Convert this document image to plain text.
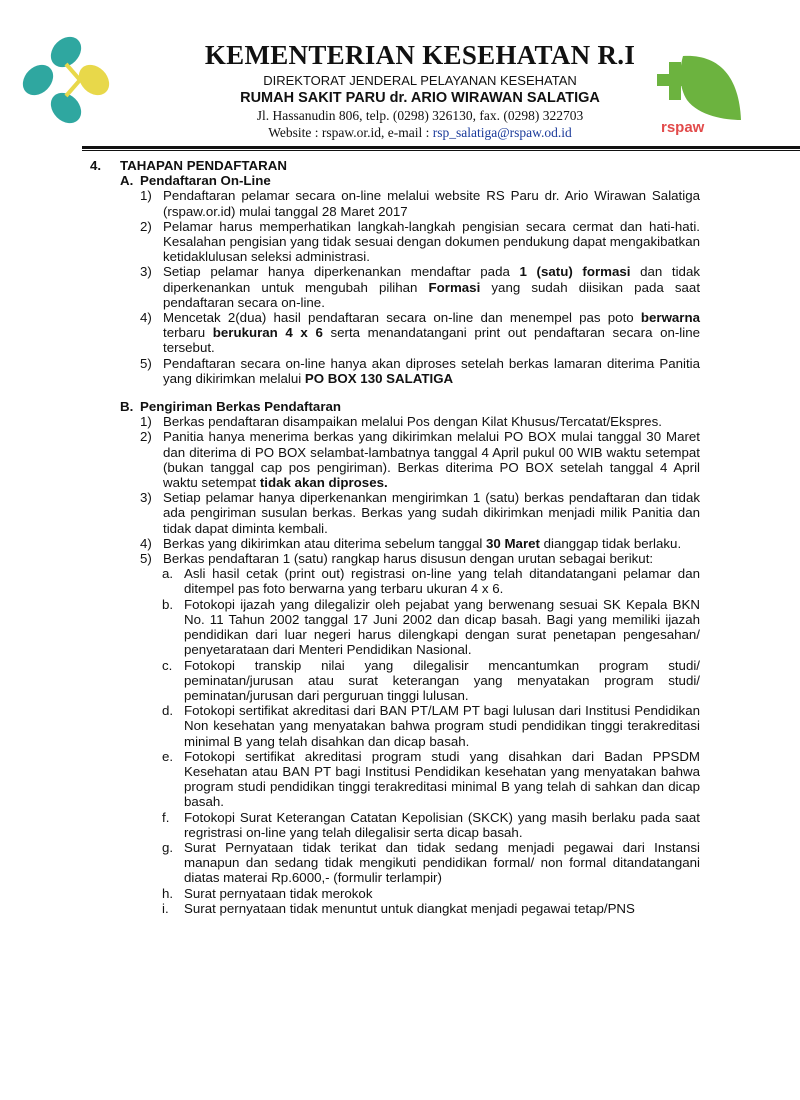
KEMENTERIAN KESEHATAN R.I
DIREKTORAT JENDERAL PELAYANAN KESEHATAN
RUMAH SAKIT PARU dr. ARIO WIRAWAN SALATIGA
Jl. Hassanudin 806, telp. (0298) 326130, fax. (0298) 322703
Website : rspaw.or.id, e-mail : rsp_salatiga@rspaw.od.id	rspaw
4. TAHAPAN PENDAFTARAN
A. Pendaftaran On-Line
1) Pendaftaran pelamar secara on-line melalui website RS Paru dr. Ario Wirawan Salatiga (rspaw.or.id) mulai tanggal 28 Maret 2017
2) Pelamar harus memperhatikan langkah-langkah pengisian secara cermat dan hati-hati. Kesalahan pengisian yang tidak sesuai dengan dokumen pendukung dapat mengakibatkan ketidaklulusan seleksi administrasi.
3) Setiap pelamar hanya diperkenankan mendaftar pada 1 (satu) formasi dan tidak diperkenankan untuk mengubah pilihan Formasi yang sudah diisikan pada saat pendaftaran secara on-line.
4) Mencetak 2(dua) hasil pendaftaran secara on-line dan menempel pas poto berwarna terbaru berukuran 4 x 6 serta menandatangani print out pendaftaran secara on-line tersebut.
5) Pendaftaran secara on-line hanya akan diproses setelah berkas lamaran diterima Panitia yang dikirimkan melalui PO BOX 130 SALATIGA
B. Pengiriman Berkas Pendaftaran
1) Berkas pendaftaran disampaikan melalui Pos dengan Kilat Khusus/Tercatat/Ekspres.
2) Panitia hanya menerima berkas yang dikirimkan melalui PO BOX mulai tanggal 30 Maret dan diterima di PO BOX selambat-lambatnya tanggal 4 April pukul 00 WIB waktu setempat (bukan tanggal cap pos pengiriman). Berkas diterima PO BOX setelah tanggal 4 April waktu setempat tidak akan diproses.
3) Setiap pelamar hanya diperkenankan mengirimkan 1 (satu) berkas pendaftaran dan tidak ada pengiriman susulan berkas. Berkas yang sudah dikirimkan menjadi milik Panitia dan tidak dapat diminta kembali.
4) Berkas yang dikirimkan atau diterima sebelum tanggal 30 Maret dianggap tidak berlaku.
5) Berkas pendaftaran 1 (satu) rangkap harus disusun dengan urutan sebagai berikut:
a. Asli hasil cetak (print out) registrasi on-line yang telah ditandatangani pelamar dan ditempel pas foto berwarna yang terbaru ukuran 4 x 6.
b. Fotokopi ijazah yang dilegalizir oleh pejabat yang berwenang sesuai SK Kepala BKN No. 11 Tahun 2002 tanggal 17 Juni 2002 dan dicap basah. Bagi yang memiliki ijazah pendidikan dari luar negeri harus dilengkapi dengan surat penetapan pengesahan/ penyetarataan dari Menteri Pendidikan Nasional.
c. Fotokopi transkip nilai yang dilegalisir mencantumkan program studi/ peminatan/jurusan atau surat keterangan yang menyatakan program studi/ peminatan/jurusan dari perguruan tinggi lulusan.
d. Fotokopi sertifikat akreditasi dari BAN PT/LAM PT bagi lulusan dari Institusi Pendidikan Non kesehatan yang menyatakan bahwa program studi pendidikan tinggi terakreditasi minimal B yang telah disahkan dan dicap basah.
e. Fotokopi sertifikat akreditasi program studi yang disahkan dari Badan PPSDM Kesehatan atau BAN PT bagi Institusi Pendidikan kesehatan yang menyatakan bahwa program studi pendidikan tinggi terakreditasi minimal B yang telah di sahkan dan dicap basah.
f.	Fotokopi Surat Keterangan Catatan Kepolisian (SKCK) yang masih berlaku pada saat regristrasi on-line yang telah dilegalisir serta dicap basah.
g. Surat Pernyataan tidak terikat dan tidak sedang menjadi pegawai dari Instansi manapun dan sedang tidak mengikuti pendidikan formal/ non formal ditandatangani diatas materai Rp.6000,- (formulir terlampir)
h. Surat pernyataan tidak merokok
i.	Surat pernyataan tidak menuntut untuk diangkat menjadi pegawai tetap/PNS
